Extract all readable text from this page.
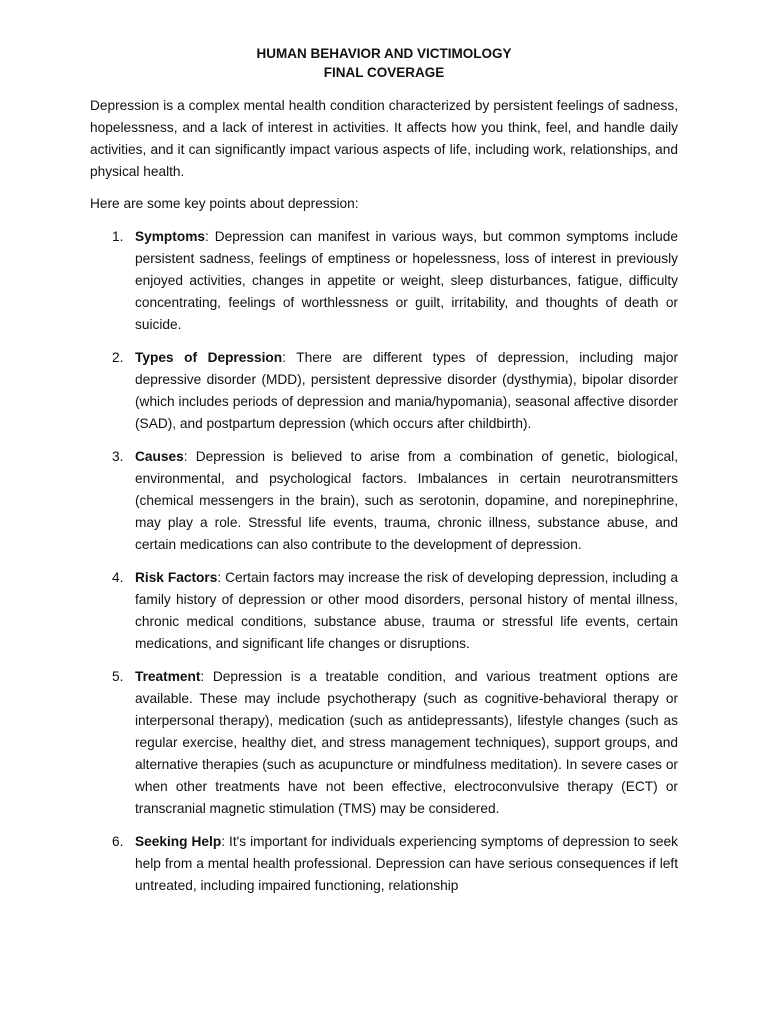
HUMAN BEHAVIOR AND VICTIMOLOGY

FINAL COVERAGE

Depression is a complex mental health condition characterized by persistent feelings of sadness, hopelessness, and a lack of interest in activities. It affects how you think, feel, and handle daily activities, and it can significantly impact various aspects of life, including work, relationships, and physical health.

Here are some key points about depression:

1. Symptoms: Depression can manifest in various ways, but common symptoms include persistent sadness, feelings of emptiness or hopelessness, loss of interest in previously enjoyed activities, changes in appetite or weight, sleep disturbances, fatigue, difficulty concentrating, feelings of worthlessness or guilt, irritability, and thoughts of death or suicide.
2. Types of Depression: There are different types of depression, including major depressive disorder (MDD), persistent depressive disorder (dysthymia), bipolar disorder (which includes periods of depression and mania/hypomania), seasonal affective disorder (SAD), and postpartum depression (which occurs after childbirth).
3. Causes: Depression is believed to arise from a combination of genetic, biological, environmental, and psychological factors. Imbalances in certain neurotransmitters (chemical messengers in the brain), such as serotonin, dopamine, and norepinephrine, may play a role. Stressful life events, trauma, chronic illness, substance abuse, and certain medications can also contribute to the development of depression.
4. Risk Factors: Certain factors may increase the risk of developing depression, including a family history of depression or other mood disorders, personal history of mental illness, chronic medical conditions, substance abuse, trauma or stressful life events, certain medications, and significant life changes or disruptions.
5. Treatment: Depression is a treatable condition, and various treatment options are available. These may include psychotherapy (such as cognitive-behavioral therapy or interpersonal therapy), medication (such as antidepressants), lifestyle changes (such as regular exercise, healthy diet, and stress management techniques), support groups, and alternative therapies (such as acupuncture or mindfulness meditation). In severe cases or when other treatments have not been effective, electroconvulsive therapy (ECT) or transcranial magnetic stimulation (TMS) may be considered.
6. Seeking Help: It's important for individuals experiencing symptoms of depression to seek help from a mental health professional. Depression can have serious consequences if left untreated, including impaired functioning, relationship
